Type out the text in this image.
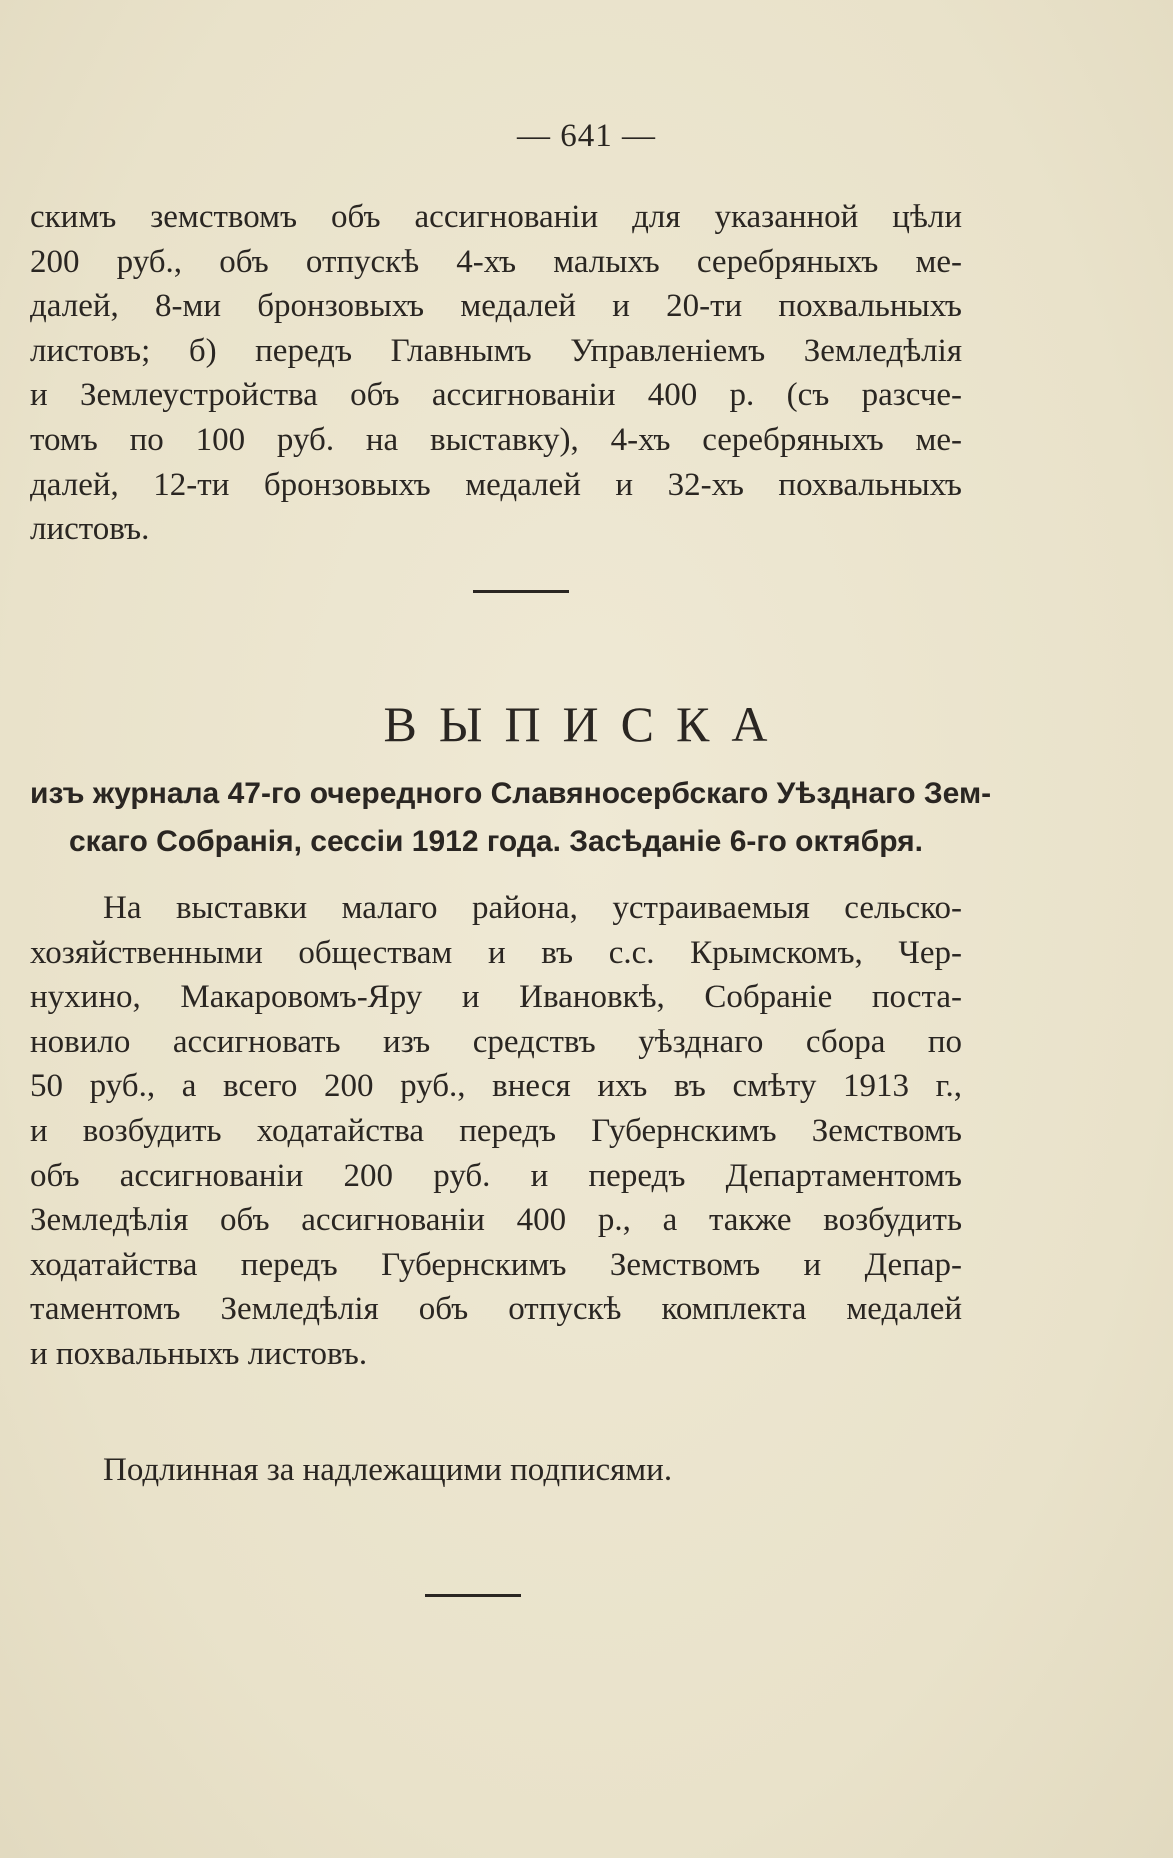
— 641 —
скимъ земствомъ объ ассигнованіи для указанной цѣли
200 руб., объ отпускѣ 4-хъ малыхъ серебряныхъ ме-
далей, 8-ми бронзовыхъ медалей и 20-ти похвальныхъ
листовъ; б) передъ Главнымъ Управленіемъ Земледѣлія
и Землеустройства объ ассигнованіи 400 р. (съ разсче-
томъ по 100 руб. на выставку), 4-хъ серебряныхъ ме-
далей, 12-ти бронзовыхъ медалей и 32-хъ похвальныхъ
листовъ.
ВЫПИСКА
изъ журнала 47-го очередного Славяносербскаго Уѣзднаго Зем-
скаго Собранія, сессіи 1912 года. Засѣданіе 6-го октября.
На выставки малаго района, устраиваемыя сельско-
хозяйственными обществам и въ с.с. Крымскомъ, Чер-
нухино, Макаровомъ-Яру и Ивановкѣ, Собраніе поста-
новило ассигновать изъ средствъ уѣзднаго сбора по
50 руб., а всего 200 руб., внеся ихъ въ смѣту 1913 г.,
и возбудить ходатайства передъ Губернскимъ Земствомъ
объ ассигнованіи 200 руб. и передъ Департаментомъ
Земледѣлія объ ассигнованіи 400 р., а также возбудить
ходатайства передъ Губернскимъ Земствомъ и Депар-
таментомъ Земледѣлія объ отпускѣ комплекта медалей
и похвальныхъ листовъ.
Подлинная за надлежащими подписями.
